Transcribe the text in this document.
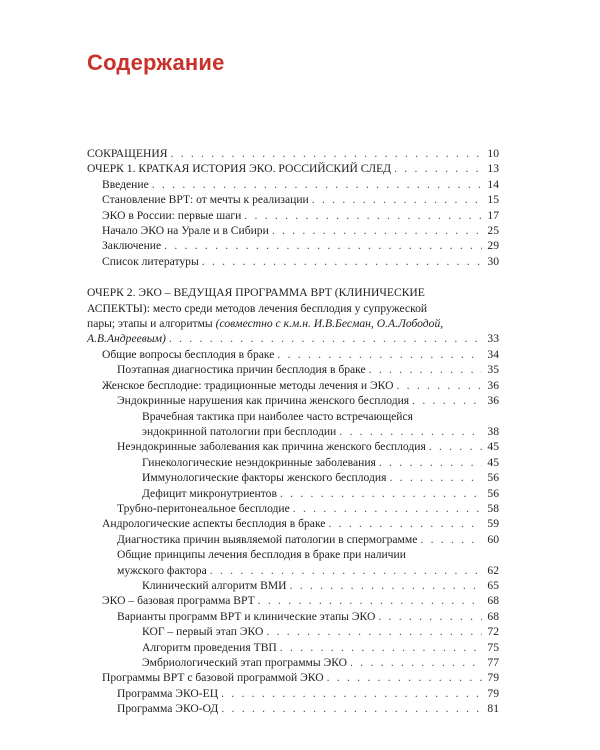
Содержание
СОКРАЩЕНИЯ . . .	10
ОЧЕРК 1. КРАТКАЯ ИСТОРИЯ ЭКО. РОССИЙСКИЙ СЛЕД . . .	13
Введение . . .	14
Становление ВРТ: от мечты к реализации . . .	15
ЭКО в России: первые шаги . . .	17
Начало ЭКО на Урале и в Сибири . . .	25
Заключение . . .	29
Список литературы . . .	30
ОЧЕРК 2. ЭКО – ВЕДУЩАЯ ПРОГРАММА ВРТ (КЛИНИЧЕСКИЕ
АСПЕКТЫ): место среди методов лечения бесплодия у супружеской
пары; этапы и алгоритмы (совместно с к.м.н. И.В.Бесман, О.А.Лободой,
А.В.Андреевым) . . .	33
Общие вопросы бесплодия в браке . . .	34
Поэтапная диагностика причин бесплодия в браке . . .	35
Женское бесплодие: традиционные методы лечения и ЭКО . . .	36
Эндокринные нарушения как причина женского бесплодия . . .	36
Врачебная тактика при наиболее часто встречающейся
эндокринной патологии при бесплодии . . .	38
Неэндокринные заболевания как причина женского бесплодия . . .	45
Гинекологические неэндокринные заболевания . . .	45
Иммунологические факторы женского бесплодия . . .	56
Дефицит микронутриентов . . .	56
Трубно-перитонеальное бесплодие . . .	58
Андрологические аспекты бесплодия в браке . . .	59
Диагностика причин выявляемой патологии в спермограмме . . .	60
Общие принципы лечения бесплодия в браке при наличии
мужского фактора . . .	62
Клинический алгоритм ВМИ . . .	65
ЭКО – базовая программа ВРТ . . .	68
Варианты программ ВРТ и клинические этапы ЭКО . . .	68
КОГ – первый этап ЭКО . . .	72
Алгоритм проведения ТВП . . .	75
Эмбриологический этап программы ЭКО . . .	77
Программы ВРТ с базовой программой ЭКО . . .	79
Программа ЭКО-ЕЦ . . .	79
Программа ЭКО-ОД . . .	81
